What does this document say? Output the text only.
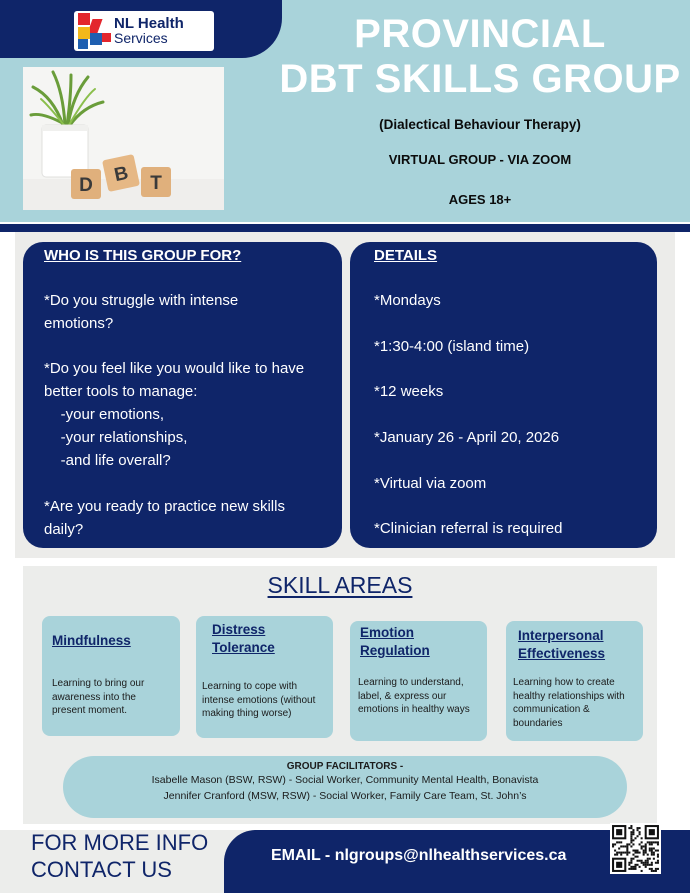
NL Health
Services
D B T
PROVINCIAL
DBT SKILLS GROUP
(Dialectical Behaviour Therapy)
VIRTUAL GROUP - VIA ZOOM
AGES 18+
WHO IS THIS GROUP FOR?

*Do you struggle with intense
emotions?

*Do you feel like you would like to have
better tools to manage:
-your emotions,
-your relationships,
-and life overall?

*Are you ready to practice new skills
daily?

DETAILS

*Mondays

*1:30-4:00 (island time)

*12 weeks

*January 26 - April 20, 2026

*Virtual via zoom

*Clinician referral is required

SKILL AREAS
Mindfulness

Learning to bring our awareness into the present moment.

Distress
Tolerance

Learning to cope with intense emotions (without making thing worse)

Emotion
Regulation

Learning to understand, label, & express our emotions in healthy ways

Interpersonal
Effectiveness

Learning how to create healthy relationships with communication & boundaries

GROUP FACILITATORS -
Isabelle Mason (BSW, RSW) - Social Worker, Community Mental Health, Bonavista
Jennifer Cranford (MSW, RSW) - Social Worker, Family Care Team, St. John’s
FOR MORE INFO
CONTACT US
EMAIL - nlgroups@nlhealthservices.ca
